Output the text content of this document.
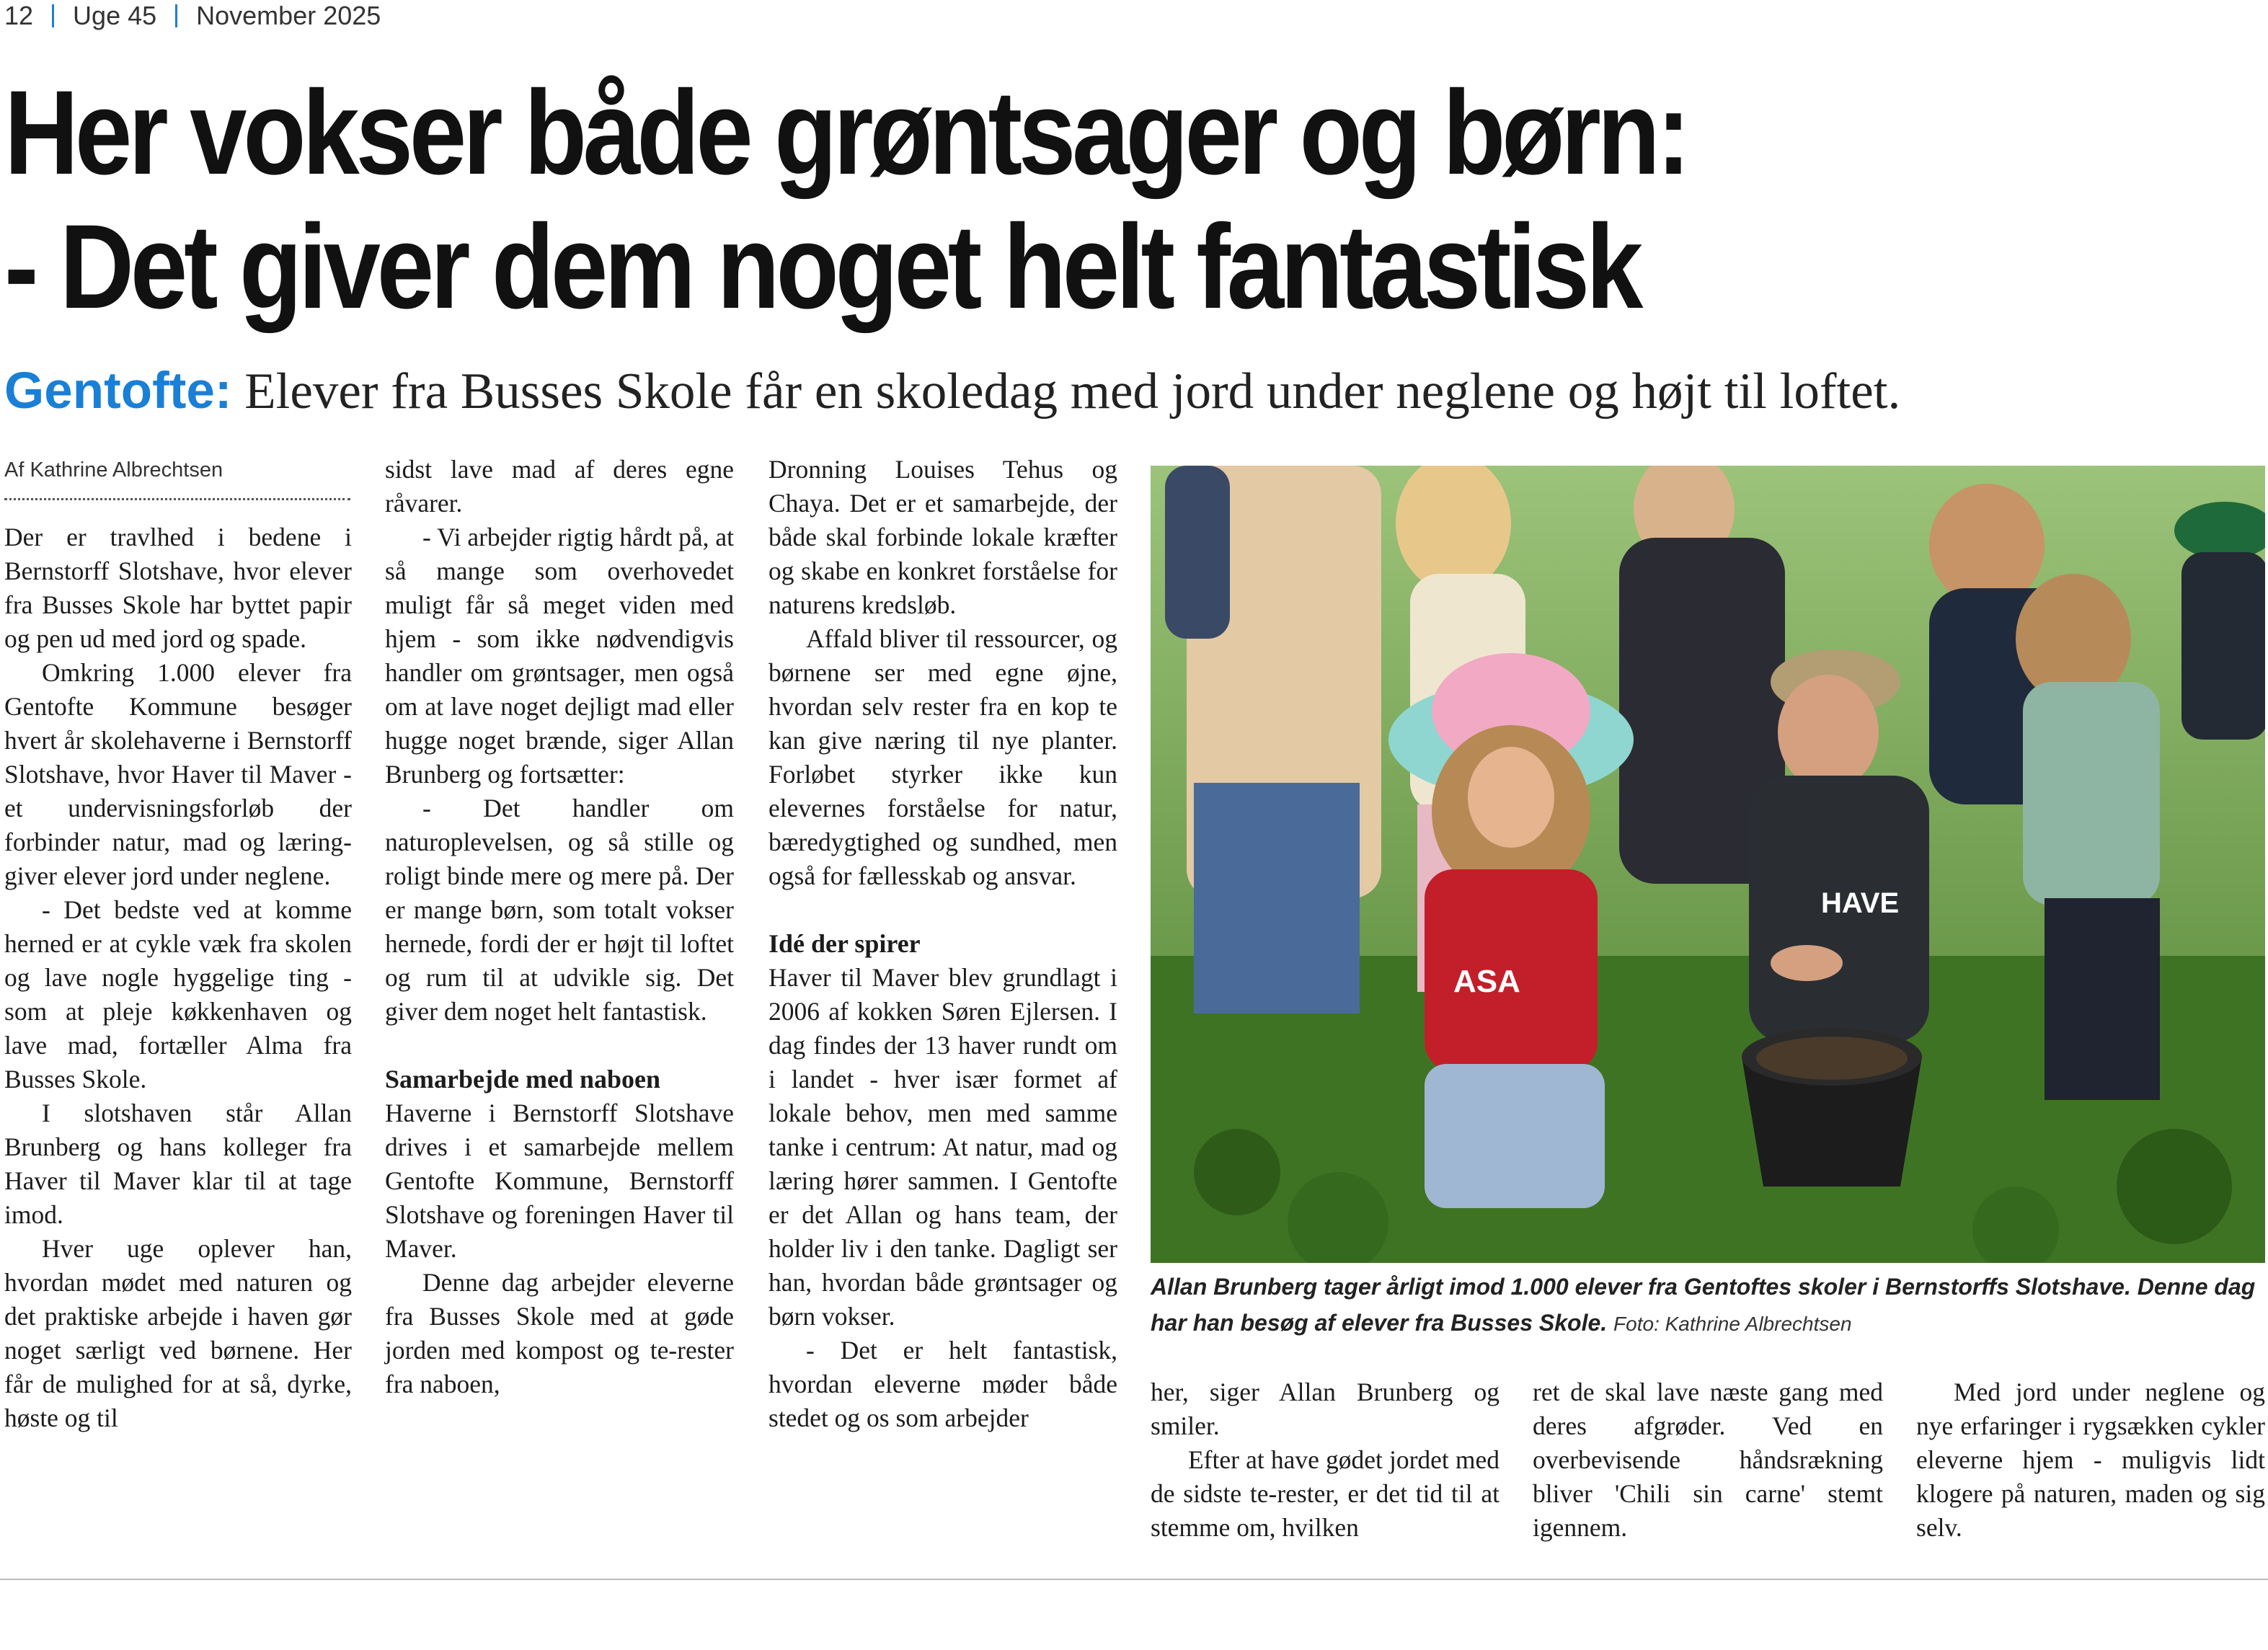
12 Uge 45 November 2025
Her vokser både grøntsager og børn:
- Det giver dem noget helt fantastisk
Gentofte: Elever fra Busses Skole får en skoledag med jord under neglene og højt til loftet.
Af Kathrine Albrechtsen

Der er travlhed i bedene i Bernstorff Slotshave, hvor elever fra Busses Skole har byttet papir og pen ud med jord og spade.

Omkring 1.000 elever fra Gentofte Kommune besøger hvert år skolehaverne i Bernstorff Slotshave, hvor Haver til Maver - et undervisningsforløb der forbinder natur, mad og læring- giver elever jord under neglene.

- Det bedste ved at komme herned er at cykle væk fra skolen og lave nogle hyggelige ting - som at pleje køkkenhaven og lave mad, fortæller Alma fra Busses Skole.

I slotshaven står Allan Brunberg og hans kolleger fra Haver til Maver klar til at tage imod.

Hver uge oplever han, hvordan mødet med naturen og det praktiske arbejde i haven gør noget særligt ved børnene. Her får de mulighed for at så, dyrke, høste og til

sidst lave mad af deres egne råvarer.

- Vi arbejder rigtig hårdt på, at så mange som overhovedet muligt får så meget viden med hjem - som ikke nødvendigvis handler om grøntsager, men også om at lave noget dejligt mad eller hugge noget brænde, siger Allan Brunberg og fortsætter:

- Det handler om naturoplevelsen, og så stille og roligt binde mere og mere på. Der er mange børn, som totalt vokser hernede, fordi der er højt til loftet og rum til at udvikle sig. Det giver dem noget helt fantastisk.

Samarbejde med naboen

Haverne i Bernstorff Slotshave drives i et samarbejde mellem Gentofte Kommune, Bernstorff Slotshave og foreningen Haver til Maver.

Denne dag arbejder eleverne fra Busses Skole med at gøde jorden med kompost og te-rester fra naboen,

Dronning Louises Tehus og Chaya. Det er et samarbejde, der både skal forbinde lokale kræfter og skabe en konkret forståelse for naturens kredsløb.

Affald bliver til ressourcer, og børnene ser med egne øjne, hvordan selv rester fra en kop te kan give næring til nye planter. Forløbet styrker ikke kun elevernes forståelse for natur, bæredygtighed og sundhed, men også for fællesskab og ansvar.

Idé der spirer

Haver til Maver blev grundlagt i 2006 af kokken Søren Ejlersen. I dag findes der 13 haver rundt om i landet - hver især formet af lokale behov, men med samme tanke i centrum: At natur, mad og læring hører sammen. I Gentofte er det Allan og hans team, der holder liv i den tanke. Dagligt ser han, hvordan både grøntsager og børn vokser.

- Det er helt fantastisk, hvordan eleverne møder både stedet og os som arbejder

HAVE
ASA
Allan Brunberg tager årligt imod 1.000 elever fra Gentoftes skoler i Bernstorffs Slotshave. Denne dag har han besøg af elever fra Busses Skole. Foto: Kathrine Albrechtsen

her, siger Allan Brunberg og smiler.

Efter at have gødet jordet med de sidste te-rester, er det tid til at stemme om, hvilken

ret de skal lave næste gang med deres afgrøder. Ved en overbevisende håndsrækning bliver 'Chili sin carne' stemt igennem.

Med jord under neglene og nye erfaringer i rygsækken cykler eleverne hjem - muligvis lidt klogere på naturen, maden og sig selv.
